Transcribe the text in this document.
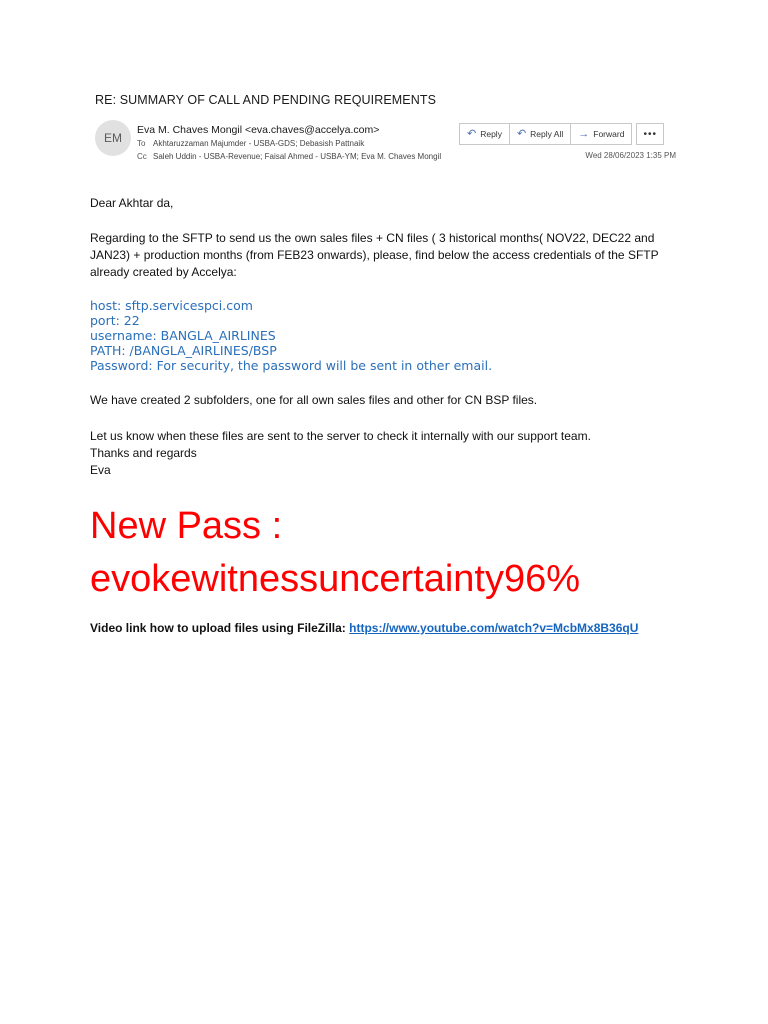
RE: SUMMARY OF CALL AND PENDING REQUIREMENTS
EM
Eva M. Chaves Mongil <eva.chaves@accelya.com>
To Akhtaruzzaman Majumder - USBA-GDS; Debasish Pattnaik
Cc Saleh Uddin - USBA-Revenue; Faisal Ahmed - USBA-YM; Eva M. Chaves Mongil
↶ Reply ↶ Reply All → Forward	•••
Wed 28/06/2023 1:35 PM
Dear Akhtar da,
Regarding to the SFTP to send us the own sales files + CN files ( 3 historical months( NOV22, DEC22 and JAN23) + production months (from FEB23 onwards), please, find below the access credentials of the SFTP already created by Accelya:
host: sftp.servicespci.com
port: 22
username: BANGLA_AIRLINES
PATH: /BANGLA_AIRLINES/BSP
Password: For security, the password will be sent in other email.
We have created 2 subfolders, one for all own sales files and other for CN BSP files.
Let us know when these files are sent to the server to check it internally with our support team.
Thanks and regards
Eva
New Pass :
evokewitnessuncertainty96%
Video link how to upload files using FileZilla: https://www.youtube.com/watch?v=McbMx8B36qU
